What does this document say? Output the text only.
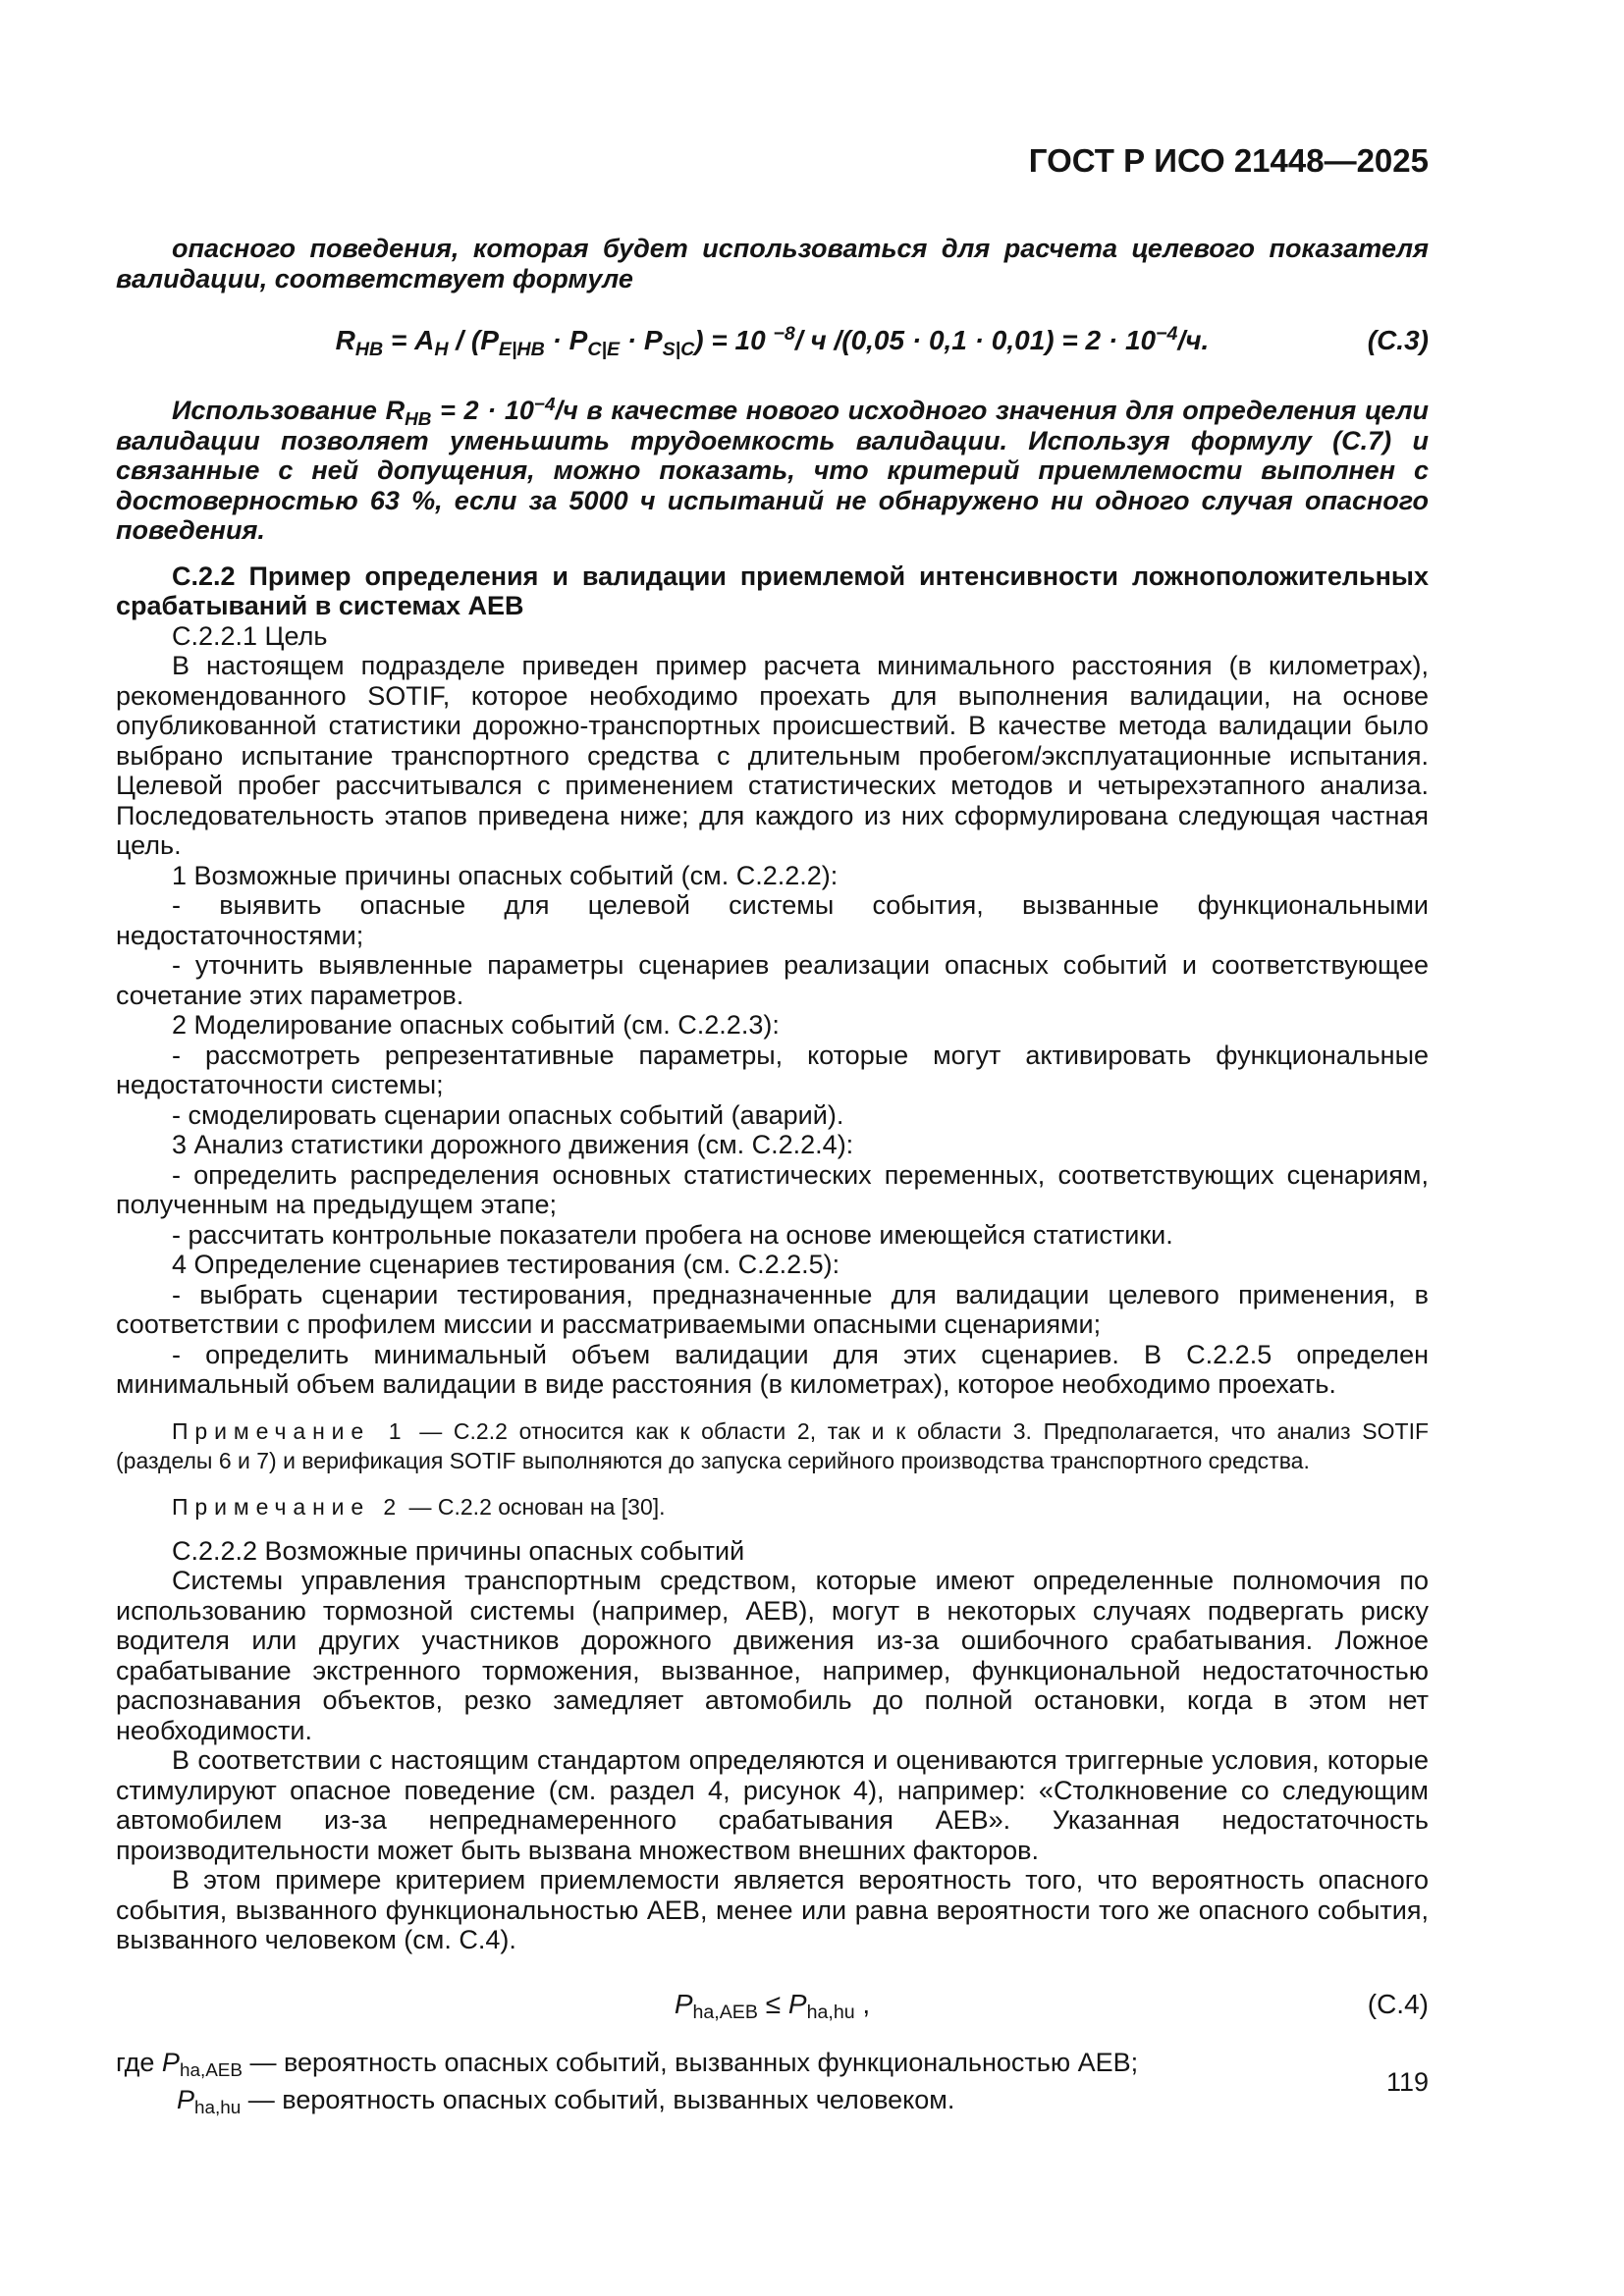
ГОСТ Р ИСО 21448—2025

опасного поведения, которая будет использоваться для расчета целевого показателя валидации, соответствует формуле

$R_{НВ} = A_Н / (P_{E|НВ} \cdot P_{C|E} \cdot P_{S|C}) = 10$ $^{-8}$/ ч $/(0,05 \cdot 0,1 \cdot 0,01) = 2 \cdot 10^{-4}/ч$.	(С.3)

Использование $R_{НВ} = 2 \cdot 10^{-4}/ч$ в качестве нового исходного значения для определения цели валидации позволяет уменьшить трудоемкость валидации. Используя формулу (С.7) и связанные с ней допущения, можно показать, что критерий приемлемости выполнен с достоверностью 63 %, если за 5000 ч испытаний не обнаружено ни одного случая опасного поведения.

С.2.2 Пример определения и валидации приемлемой интенсивности ложноположительных срабатываний в системах AEB

С.2.2.1 Цель

В настоящем подразделе приведен пример расчета минимального расстояния (в километрах), рекомендованного SOTIF, которое необходимо проехать для выполнения валидации, на основе опубликованной статистики дорожно-транспортных происшествий. В качестве метода валидации было выбрано испытание транспортного средства с длительным пробегом/эксплуатационные испытания. Целевой пробег рассчитывался с применением статистических методов и четырехэтапного анализа. Последовательность этапов приведена ниже; для каждого из них сформулирована следующая частная цель.

1 Возможные причины опасных событий (см. С.2.2.2):

- выявить опасные для целевой системы события, вызванные функциональными недостаточностями;

- уточнить выявленные параметры сценариев реализации опасных событий и соответствующее сочетание этих параметров.

2 Моделирование опасных событий (см. С.2.2.3):

- рассмотреть репрезентативные параметры, которые могут активировать функциональные недостаточности системы;

- смоделировать сценарии опасных событий (аварий).

3 Анализ статистики дорожного движения (см. С.2.2.4):

- определить распределения основных статистических переменных, соответствующих сценариям, полученным на предыдущем этапе;

- рассчитать контрольные показатели пробега на основе имеющейся статистики.

4 Определение сценариев тестирования (см. С.2.2.5):

- выбрать сценарии тестирования, предназначенные для валидации целевого применения, в соответствии с профилем миссии и рассматриваемыми опасными сценариями;

- определить минимальный объем валидации для этих сценариев. В С.2.2.5 определен минимальный объем валидации в виде расстояния (в километрах), которое необходимо проехать.

Примечание 1 — С.2.2 относится как к области 2, так и к области 3. Предполагается, что анализ SOTIF (разделы 6 и 7) и верификация SOTIF выполняются до запуска серийного производства транспортного средства.

Примечание 2 — С.2.2 основан на [30].

С.2.2.2 Возможные причины опасных событий

Системы управления транспортным средством, которые имеют определенные полномочия по использованию тормозной системы (например, AEB), могут в некоторых случаях подвергать риску водителя или других участников дорожного движения из-за ошибочного срабатывания. Ложное срабатывание экстренного торможения, вызванное, например, функциональной недостаточностью распознавания объектов, резко замедляет автомобиль до полной остановки, когда в этом нет необходимости.

В соответствии с настоящим стандартом определяются и оцениваются триггерные условия, которые стимулируют опасное поведение (см. раздел 4, рисунок 4), например: «Столкновение со следующим автомобилем из-за непреднамеренного срабатывания AEB». Указанная недостаточность производительности может быть вызвана множеством внешних факторов.

В этом примере критерием приемлемости является вероятность того, что вероятность опасного события, вызванного функциональностью AEB, менее или равна вероятности того же опасного события, вызванного человеком (см. С.4).

$P_{ha,AEB} \le P_{ha,hu}$ ,	(С.4)

где $P_{ha,AEB}$ — вероятность опасных событий, вызванных функциональностью AEB;

$P_{ha,hu}$ — вероятность опасных событий, вызванных человеком.

119
